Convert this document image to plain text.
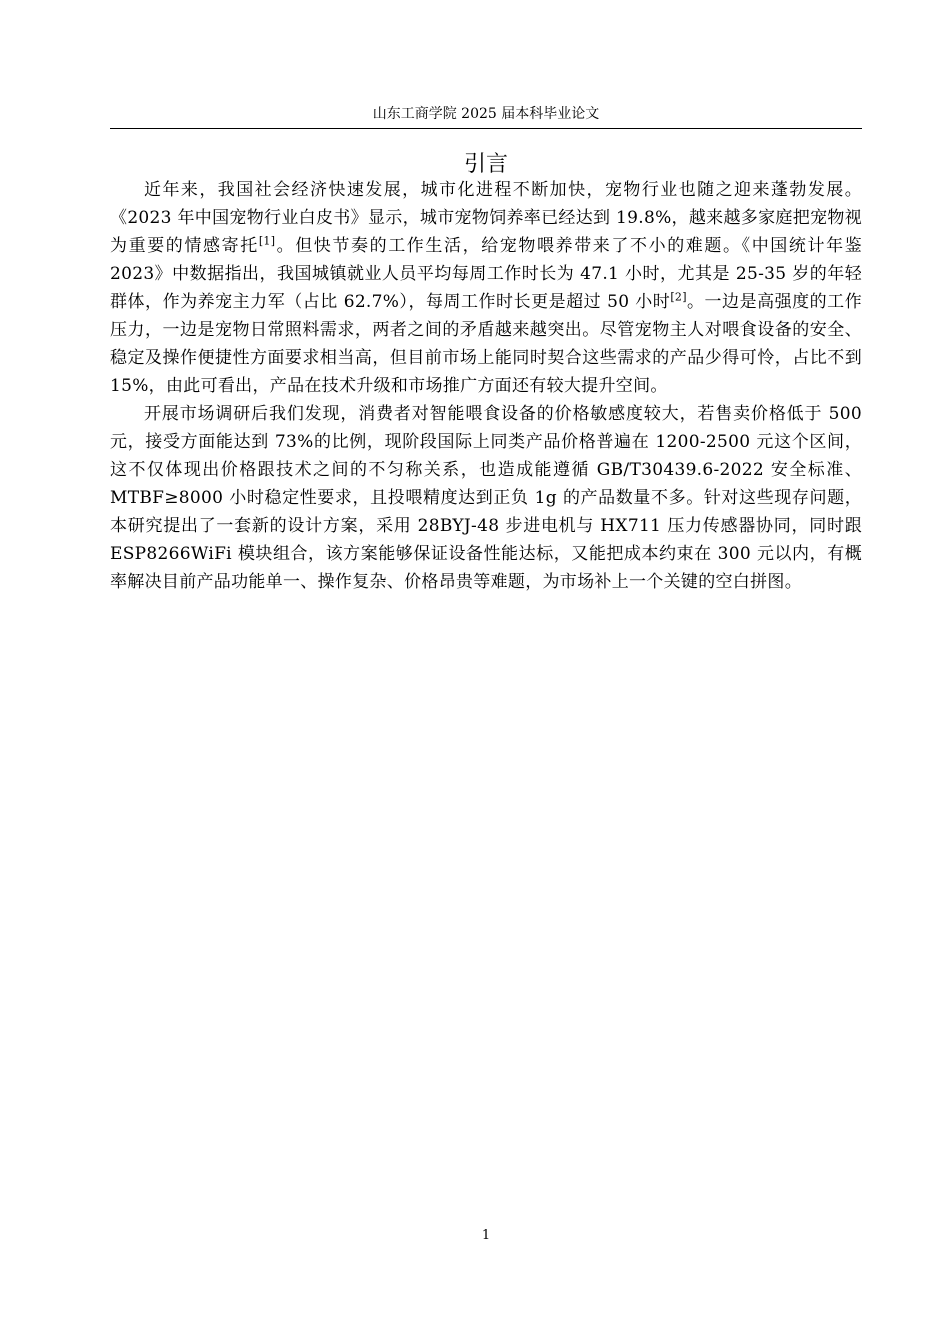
山东工商学院 2025 届本科毕业论文
引言

近年来，我国社会经济快速发展，城市化进程不断加快，宠物行业也随之迎来蓬勃发展。《2023 年中国宠物行业白皮书》显示，城市宠物饲养率已经达到 19.8%，越来越多家庭把宠物视为重要的情感寄托[1]。但快节奏的工作生活，给宠物喂养带来了不小的难题。《中国统计年鉴 2023》中数据指出，我国城镇就业人员平均每周工作时长为 47.1 小时，尤其是 25-35 岁的年轻群体，作为养宠主力军（占比 62.7%），每周工作时长更是超过 50 小时[2]。一边是高强度的工作压力，一边是宠物日常照料需求，两者之间的矛盾越来越突出。尽管宠物主人对喂食设备的安全、稳定及操作便捷性方面要求相当高，但目前市场上能同时契合这些需求的产品少得可怜，占比不到 15%，由此可看出，产品在技术升级和市场推广方面还有较大提升空间。

开展市场调研后我们发现，消费者对智能喂食设备的价格敏感度较大，若售卖价格低于 500 元，接受方面能达到 73%的比例，现阶段国际上同类产品价格普遍在 1200-2500 元这个区间，这不仅体现出价格跟技术之间的不匀称关系，也造成能遵循 GB/T30439.6-2022 安全标准、MTBF≥8000 小时稳定性要求，且投喂精度达到正负 1g 的产品数量不多。针对这些现存问题，本研究提出了一套新的设计方案，采用 28BYJ-48 步进电机与 HX711 压力传感器协同，同时跟 ESP8266WiFi 模块组合，该方案能够保证设备性能达标，又能把成本约束在 300 元以内，有概率解决目前产品功能单一、操作复杂、价格昂贵等难题，为市场补上一个关键的空白拼图。

1
